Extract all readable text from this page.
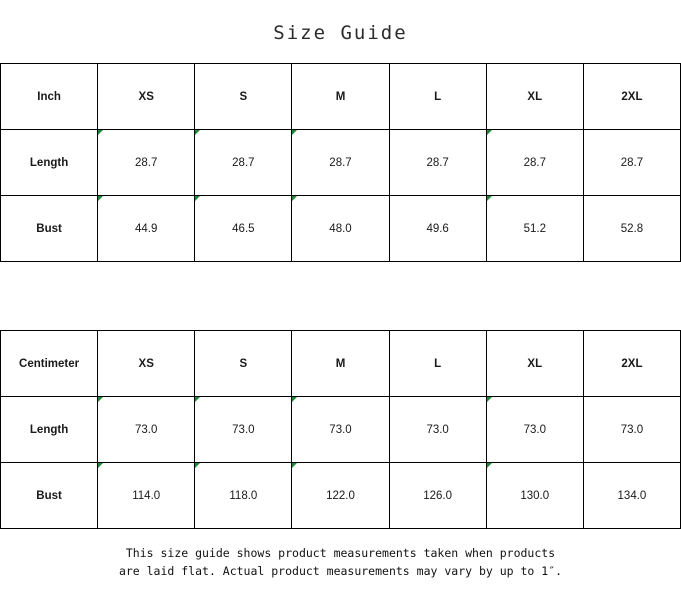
Size Guide
Inch	XS	S	M	L	XL	2XL
Length	28.7	28.7	28.7	28.7	28.7	28.7
Bust	44.9	46.5	48.0	49.6	51.2	52.8
Centimeter	XS	S	M	L	XL	2XL
Length	73.0	73.0	73.0	73.0	73.0	73.0
Bust	114.0	118.0	122.0	126.0	130.0	134.0
This size guide shows product measurements taken when products
are laid flat. Actual product measurements may vary by up to 1″.
